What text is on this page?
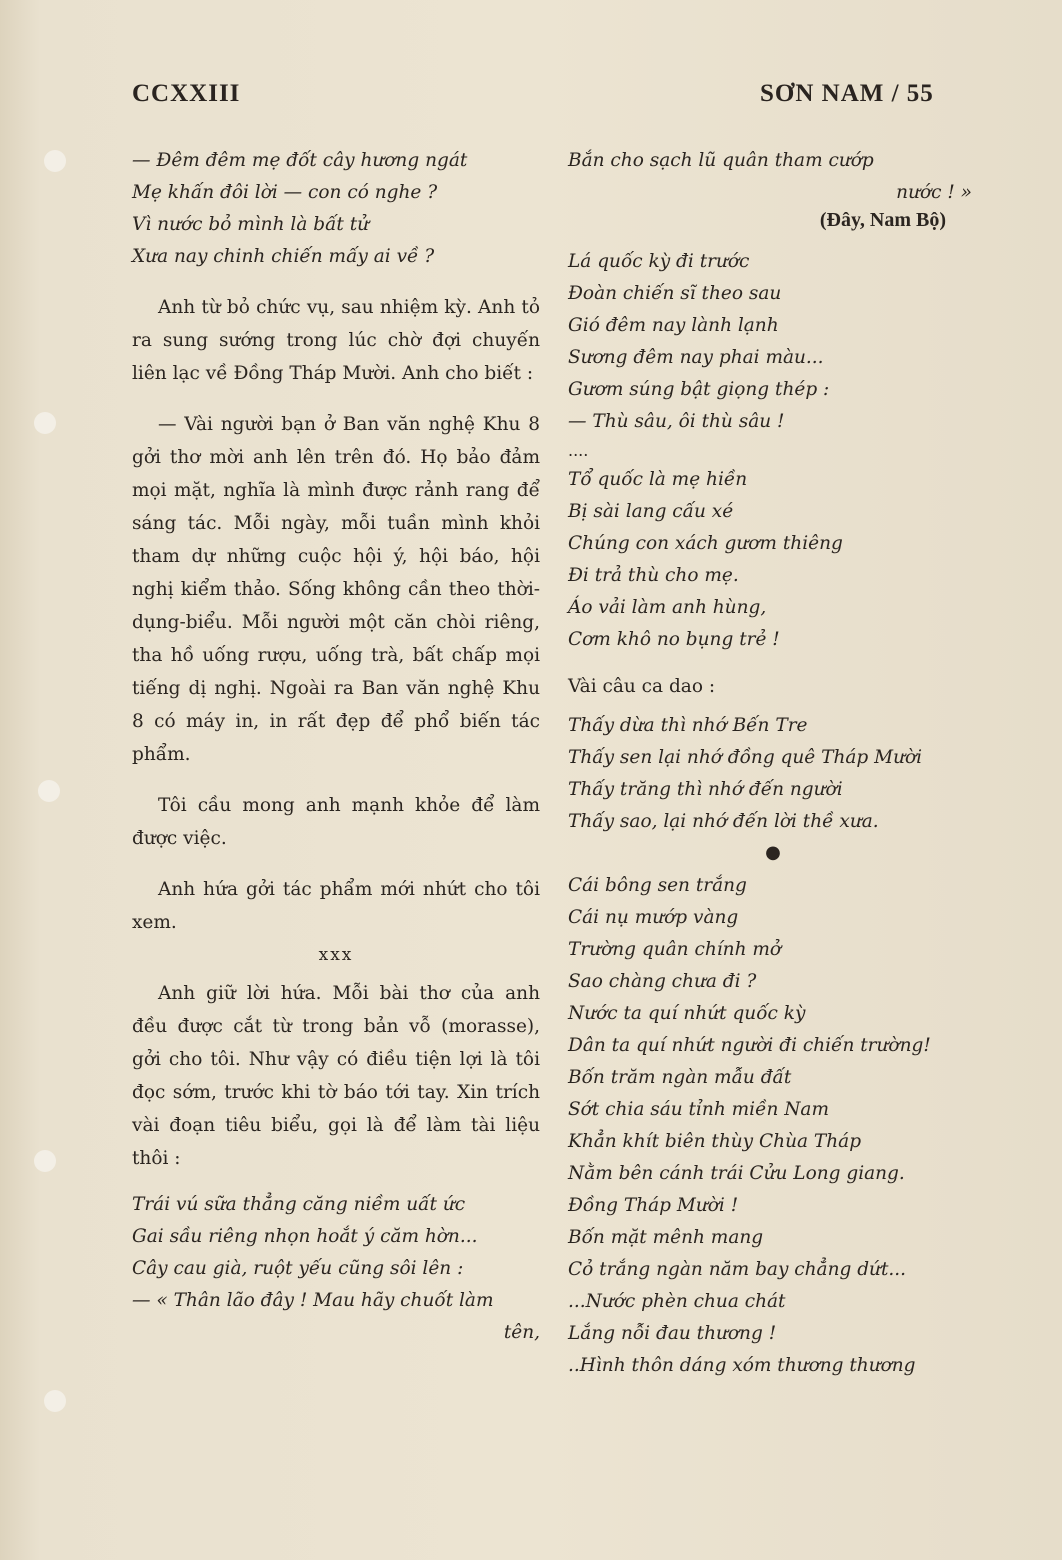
CCXXIII	SƠN NAM / 55
— Đêm đêm mẹ đốt cây hương ngát
Mẹ khấn đôi lời — con có nghe ?
Vì nước bỏ mình là bất tử
Xưa nay chinh chiến mấy ai về ?

Anh từ bỏ chức vụ, sau nhiệm kỳ. Anh tỏ ra sung sướng trong lúc chờ đợi chuyến liên lạc về Đồng Tháp Mười. Anh cho biết :

— Vài người bạn ở Ban văn nghệ Khu 8 gởi thơ mời anh lên trên đó. Họ bảo đảm mọi mặt, nghĩa là mình được rảnh rang để sáng tác. Mỗi ngày, mỗi tuần mình khỏi tham dự những cuộc hội ý, hội báo, hội nghị kiểm thảo. Sống không cần theo thời-dụng-biểu. Mỗi người một căn chòi riêng, tha hồ uống rượu, uống trà, bất chấp mọi tiếng dị nghị. Ngoài ra Ban văn nghệ Khu 8 có máy in, in rất đẹp để phổ biến tác phẩm.

Tôi cầu mong anh mạnh khỏe để làm được việc.

Anh hứa gởi tác phẩm mới nhứt cho tôi xem.

xxx

Anh giữ lời hứa. Mỗi bài thơ của anh đều được cắt từ trong bản vỗ (morasse), gởi cho tôi. Như vậy có điều tiện lợi là tôi đọc sớm, trước khi tờ báo tới tay. Xin trích vài đoạn tiêu biểu, gọi là để làm tài liệu thôi :

Trái vú sữa thẳng căng niềm uất ức
Gai sầu riêng nhọn hoắt ý căm hờn...
Cây cau già, ruột yếu cũng sôi lên :
— « Thân lão đây ! Mau hãy chuốt làm
tên,
Bắn cho sạch lũ quân tham cướp
nước ! »
(Đây, Nam Bộ)
Lá quốc kỳ đi trước
Đoàn chiến sĩ theo sau
Gió đêm nay lành lạnh
Sương đêm nay phai màu...
Gươm súng bật giọng thép :
— Thù sâu, ôi thù sâu !
....
Tổ quốc là mẹ hiền
Bị sài lang cấu xé
Chúng con xách gươm thiêng
Đi trả thù cho mẹ.
Áo vải làm anh hùng,
Cơm khô no bụng trẻ !
Vài câu ca dao :
Thấy dừa thì nhớ Bến Tre
Thấy sen lại nhớ đồng quê Tháp Mười
Thấy trăng thì nhớ đến người
Thấy sao, lại nhớ đến lời thề xưa.
●
Cái bông sen trắng
Cái nụ mướp vàng
Trường quân chính mở
Sao chàng chưa đi ?
Nước ta quí nhứt quốc kỳ
Dân ta quí nhứt người đi chiến trường!
Bốn trăm ngàn mẫu đất
Sớt chia sáu tỉnh miền Nam
Khẳn khít biên thùy Chùa Tháp
Nằm bên cánh trái Cửu Long giang.
Đồng Tháp Mười !
Bốn mặt mênh mang
Cỏ trắng ngàn năm bay chẳng dứt...
...Nước phèn chua chát
Lắng nỗi đau thương !
..Hình thôn dáng xóm thương thương
